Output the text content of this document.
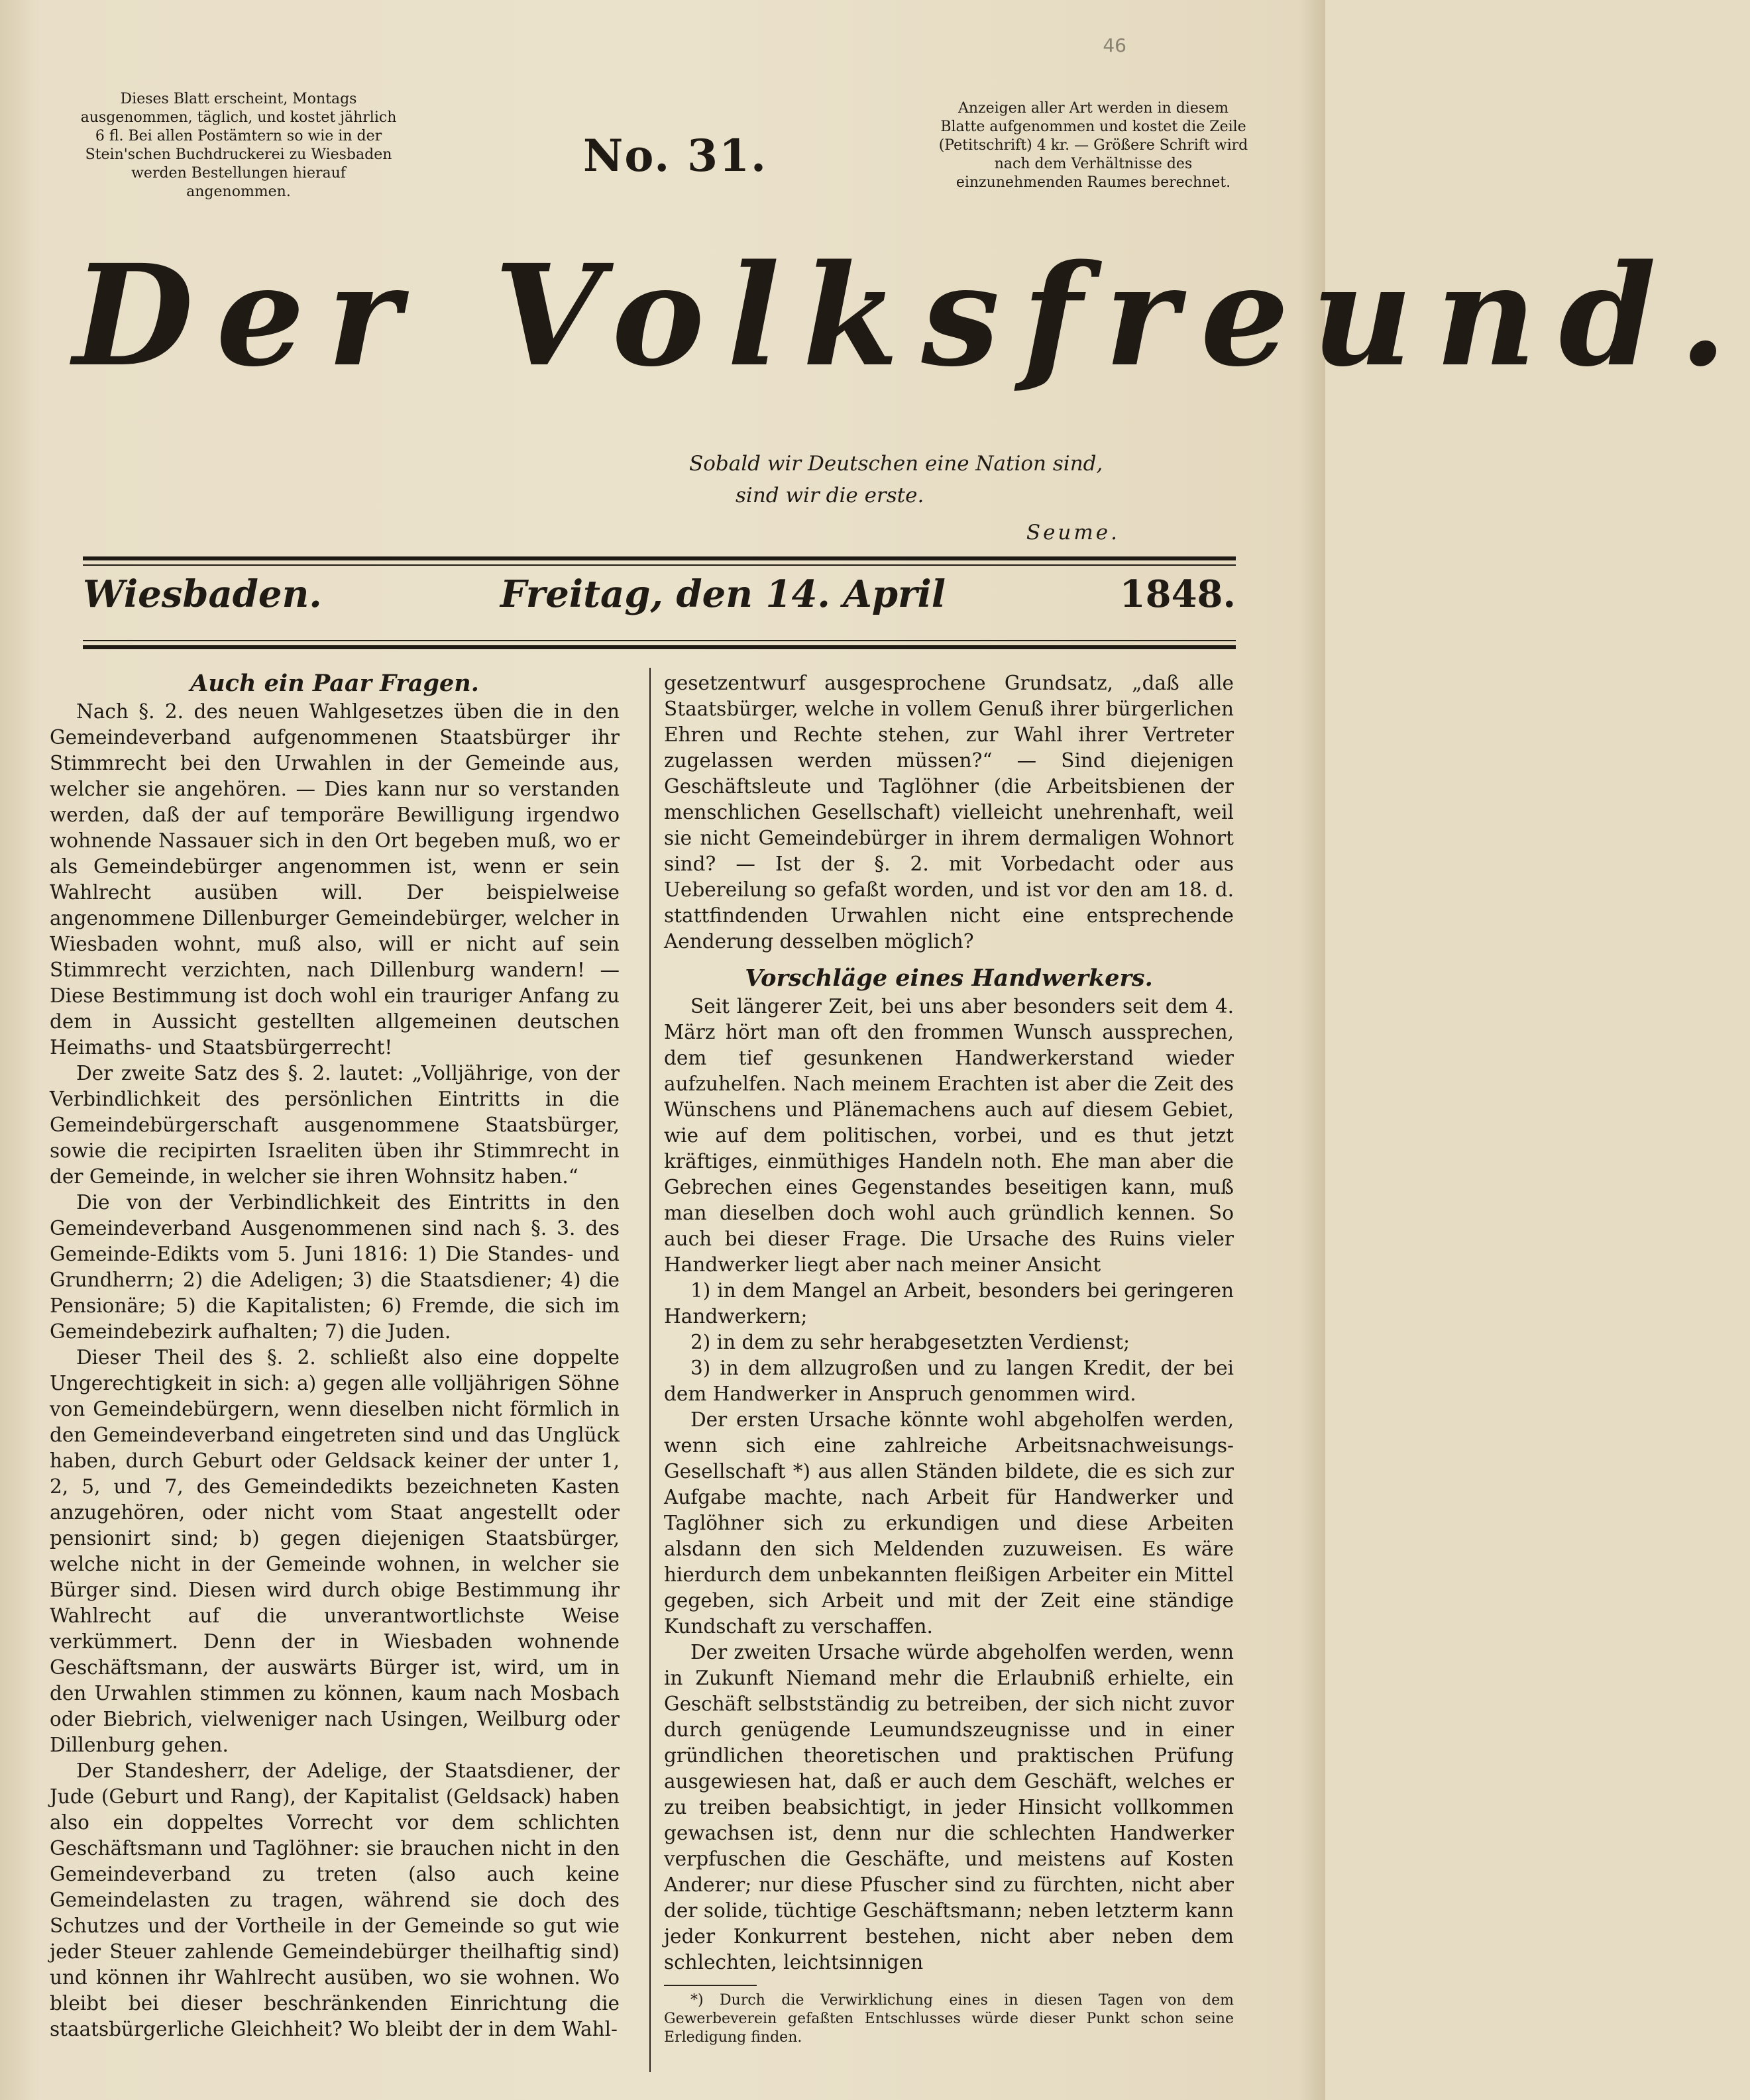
46
Dieses Blatt erscheint, Montags ausgenommen, täglich, und kostet jährlich 6 fl. Bei allen Postämtern so wie in der Stein'schen Buchdruckerei zu Wiesbaden werden Bestellungen hierauf angenommen.
No. 31.
Anzeigen aller Art werden in diesem Blatte aufgenommen und kostet die Zeile (Petitschrift) 4 kr. — Größere Schrift wird nach dem Verhältnisse des einzunehmenden Raumes berechnet.
Der Volksfreund.
Sobald wir Deutschen eine Nation sind,
sind wir die erste.
Seume.
Wiesbaden.	Freitag, den 14. April	1848.
Auch ein Paar Fragen.

Nach §. 2. des neuen Wahlgesetzes üben die in den Gemeindeverband aufgenommenen Staatsbürger ihr Stimmrecht bei den Urwahlen in der Gemeinde aus, welcher sie angehören. — Dies kann nur so verstanden werden, daß der auf temporäre Bewilligung irgendwo wohnende Nassauer sich in den Ort begeben muß, wo er als Gemeindebürger angenommen ist, wenn er sein Wahlrecht ausüben will. Der beispielweise angenommene Dillenburger Gemeindebürger, welcher in Wiesbaden wohnt, muß also, will er nicht auf sein Stimmrecht verzichten, nach Dillenburg wandern! — Diese Bestimmung ist doch wohl ein trauriger Anfang zu dem in Aussicht gestellten allgemeinen deutschen Heimaths- und Staatsbürgerrecht!

Der zweite Satz des §. 2. lautet: „Volljährige, von der Verbindlichkeit des persönlichen Eintritts in die Gemeindebürgerschaft ausgenommene Staatsbürger, sowie die recipirten Israeliten üben ihr Stimmrecht in der Gemeinde, in welcher sie ihren Wohnsitz haben.“

Die von der Verbindlichkeit des Eintritts in den Gemeindeverband Ausgenommenen sind nach §. 3. des Gemeinde-Edikts vom 5. Juni 1816: 1) Die Standes- und Grundherrn; 2) die Adeligen; 3) die Staatsdiener; 4) die Pensionäre; 5) die Kapitalisten; 6) Fremde, die sich im Gemeindebezirk aufhalten; 7) die Juden.

Dieser Theil des §. 2. schließt also eine doppelte Ungerechtigkeit in sich: a) gegen alle volljährigen Söhne von Gemeindebürgern, wenn dieselben nicht förmlich in den Gemeindeverband eingetreten sind und das Unglück haben, durch Geburt oder Geldsack keiner der unter 1, 2, 5, und 7, des Gemeindedikts bezeichneten Kasten anzugehören, oder nicht vom Staat angestellt oder pensionirt sind; b) gegen diejenigen Staatsbürger, welche nicht in der Gemeinde wohnen, in welcher sie Bürger sind. Diesen wird durch obige Bestimmung ihr Wahlrecht auf die unverantwortlichste Weise verkümmert. Denn der in Wiesbaden wohnende Geschäftsmann, der auswärts Bürger ist, wird, um in den Urwahlen stimmen zu können, kaum nach Mosbach oder Biebrich, vielweniger nach Usingen, Weilburg oder Dillenburg gehen.

Der Standesherr, der Adelige, der Staatsdiener, der Jude (Geburt und Rang), der Kapitalist (Geldsack) haben also ein doppeltes Vorrecht vor dem schlichten Geschäftsmann und Taglöhner: sie brauchen nicht in den Gemeindeverband zu treten (also auch keine Gemeindelasten zu tragen, während sie doch des Schutzes und der Vortheile in der Gemeinde so gut wie jeder Steuer zahlende Gemeindebürger theilhaftig sind) und können ihr Wahlrecht ausüben, wo sie wohnen. Wo bleibt bei dieser beschränkenden Einrichtung die staatsbürgerliche Gleichheit? Wo bleibt der in dem Wahl-

gesetzentwurf ausgesprochene Grundsatz, „daß alle Staatsbürger, welche in vollem Genuß ihrer bürgerlichen Ehren und Rechte stehen, zur Wahl ihrer Vertreter zugelassen werden müssen?“ — Sind diejenigen Geschäftsleute und Taglöhner (die Arbeitsbienen der menschlichen Gesellschaft) vielleicht unehrenhaft, weil sie nicht Gemeindebürger in ihrem dermaligen Wohnort sind? — Ist der §. 2. mit Vorbedacht oder aus Uebereilung so gefaßt worden, und ist vor den am 18. d. stattfindenden Urwahlen nicht eine entsprechende Aenderung desselben möglich?

Vorschläge eines Handwerkers.

Seit längerer Zeit, bei uns aber besonders seit dem 4. März hört man oft den frommen Wunsch aussprechen, dem tief gesunkenen Handwerkerstand wieder aufzuhelfen. Nach meinem Erachten ist aber die Zeit des Wünschens und Plänemachens auch auf diesem Gebiet, wie auf dem politischen, vorbei, und es thut jetzt kräftiges, einmüthiges Handeln noth. Ehe man aber die Gebrechen eines Gegenstandes beseitigen kann, muß man dieselben doch wohl auch gründlich kennen. So auch bei dieser Frage. Die Ursache des Ruins vieler Handwerker liegt aber nach meiner Ansicht

1) in dem Mangel an Arbeit, besonders bei geringeren Handwerkern;

2) in dem zu sehr herabgesetzten Verdienst;

3) in dem allzugroßen und zu langen Kredit, der bei dem Handwerker in Anspruch genommen wird.

Der ersten Ursache könnte wohl abgeholfen werden, wenn sich eine zahlreiche Arbeitsnachweisungs-Gesellschaft *) aus allen Ständen bildete, die es sich zur Aufgabe machte, nach Arbeit für Handwerker und Taglöhner sich zu erkundigen und diese Arbeiten alsdann den sich Meldenden zuzuweisen. Es wäre hierdurch dem unbekannten fleißigen Arbeiter ein Mittel gegeben, sich Arbeit und mit der Zeit eine ständige Kundschaft zu verschaffen.

Der zweiten Ursache würde abgeholfen werden, wenn in Zukunft Niemand mehr die Erlaubniß erhielte, ein Geschäft selbstständig zu betreiben, der sich nicht zuvor durch genügende Leumundszeugnisse und in einer gründlichen theoretischen und praktischen Prüfung ausgewiesen hat, daß er auch dem Geschäft, welches er zu treiben beabsichtigt, in jeder Hinsicht vollkommen gewachsen ist, denn nur die schlechten Handwerker verpfuschen die Geschäfte, und meistens auf Kosten Anderer; nur diese Pfuscher sind zu fürchten, nicht aber der solide, tüchtige Geschäftsmann; neben letzterm kann jeder Konkurrent bestehen, nicht aber neben dem schlechten, leichtsinnigen

*) Durch die Verwirklichung eines in diesen Tagen von dem Gewerbeverein gefaßten Entschlusses würde dieser Punkt schon seine Erledigung finden.
